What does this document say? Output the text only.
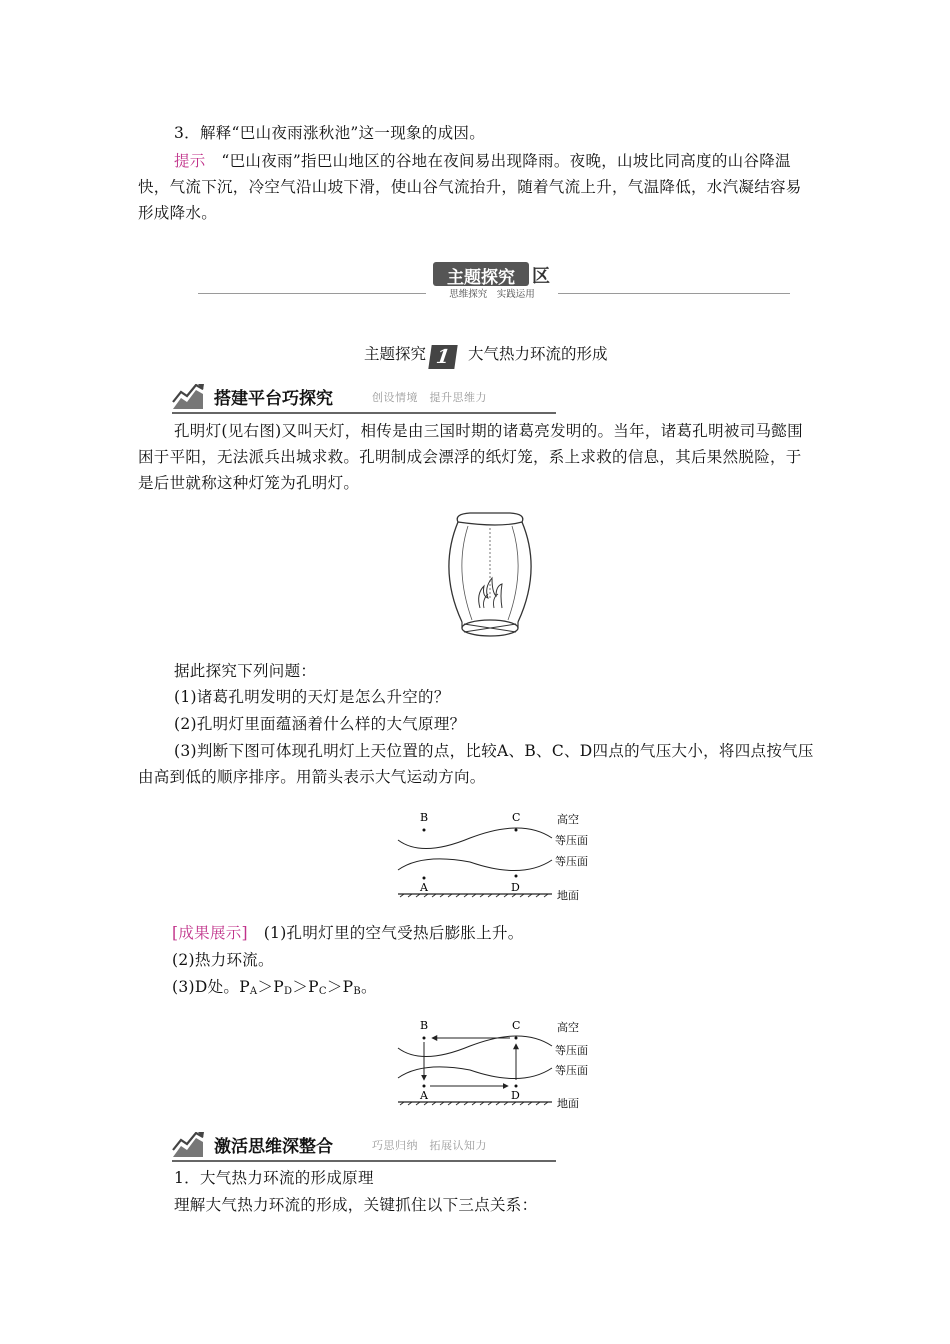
3．解释“巴山夜雨涨秋池”这一现象的成因。

提示　“巴山夜雨”指巴山地区的谷地在夜间易出现降雨。夜晚，山坡比同高度的山谷降温快，气流下沉，冷空气沿山坡下滑，使山谷气流抬升，随着气流上升，气温降低，水汽凝结容易形成降水。

主题探究 区
思维探究　实践运用
主题探究 1 大气热力环流的形成
搭建平台巧探究	创设情境　提升思维力

孔明灯(见右图)又叫天灯，相传是由三国时期的诸葛亮发明的。当年，诸葛孔明被司马懿围困于平阳，无法派兵出城求救。孔明制成会漂浮的纸灯笼，系上求救的信息，其后果然脱险，于是后世就称这种灯笼为孔明灯。

据此探究下列问题：

(1)诸葛孔明发明的天灯是怎么升空的？

(2)孔明灯里面蕴涵着什么样的大气原理？

(3)判断下图可体现孔明灯上天位置的点，比较A、B、C、D四点的气压大小，将四点按气压由高到低的顺序排序。用箭头表示大气运动方向。

B	C	高空
等压面
等压面
A	D
地面

[成果展示]　(1)孔明灯里的空气受热后膨胀上升。

(2)热力环流。

(3)D处。PA＞PD＞PC＞PB。

B	C	高空
等压面
等压面
A	D
地面
激活思维深整合	巧思归纳　拓展认知力

1．大气热力环流的形成原理

理解大气热力环流的形成，关键抓住以下三点关系：
